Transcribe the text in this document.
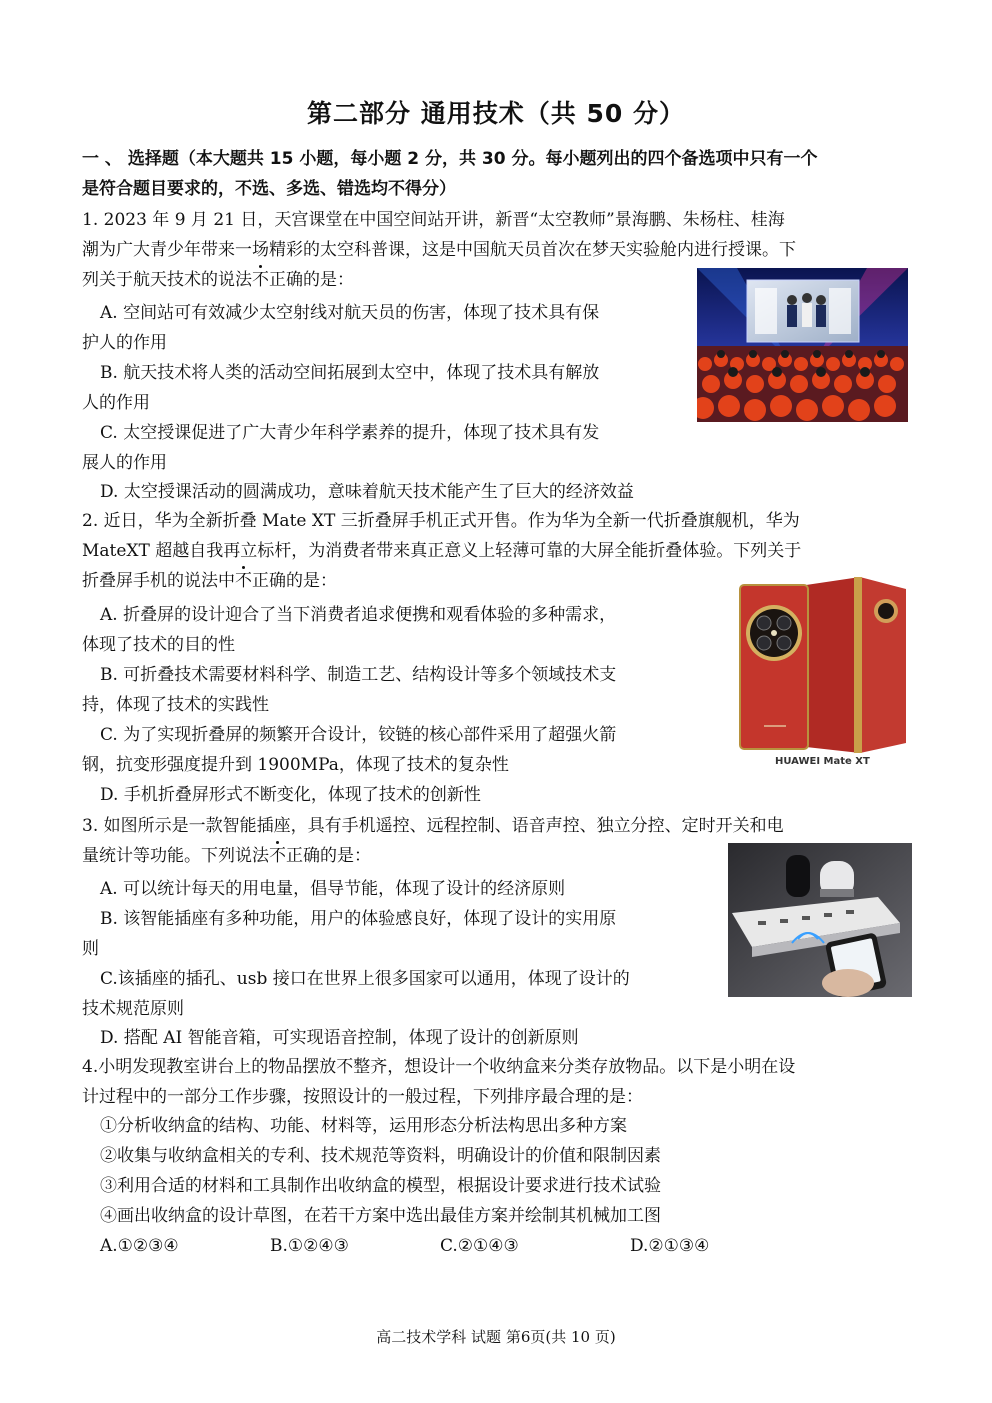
第二部分 通用技术（共 50 分）
一 、 选择题（本大题共 15 小题，每小题 2 分，共 30 分。每小题列出的四个备选项中只有一个
是符合题目要求的，不选、多选、错选均不得分）
1. 2023 年 9 月 21 日，天宫课堂在中国空间站开讲，新晋“太空教师”景海鹏、朱杨柱、桂海
潮为广大青少年带来一场精彩的太空科普课，这是中国航天员首次在梦天实验舱内进行授课。下
列关于航天技术的说法不正确的是：
A. 空间站可有效减少太空射线对航天员的伤害，体现了技术具有保
护人的作用
B. 航天技术将人类的活动空间拓展到太空中，体现了技术具有解放
人的作用
C. 太空授课促进了广大青少年科学素养的提升，体现了技术具有发
展人的作用
D. 太空授课活动的圆满成功，意味着航天技术能产生了巨大的经济效益
2. 近日，华为全新折叠 Mate XT 三折叠屏手机正式开售。作为华为全新一代折叠旗舰机，华为
MateXT 超越自我再立标杆，为消费者带来真正意义上轻薄可靠的大屏全能折叠体验。下列关于
折叠屏手机的说法中不正确的是：
A. 折叠屏的设计迎合了当下消费者追求便携和观看体验的多种需求，
体现了技术的目的性
B. 可折叠技术需要材料科学、制造工艺、结构设计等多个领域技术支
持，体现了技术的实践性
C. 为了实现折叠屏的频繁开合设计，铰链的核心部件采用了超强火箭
钢，抗变形强度提升到 1900MPa，体现了技术的复杂性
D. 手机折叠屏形式不断变化，体现了技术的创新性
HUAWEI Mate XT
3. 如图所示是一款智能插座，具有手机遥控、远程控制、语音声控、独立分控、定时开关和电
量统计等功能。下列说法不正确的是：
A. 可以统计每天的用电量，倡导节能，体现了设计的经济原则
B. 该智能插座有多种功能，用户的体验感良好，体现了设计的实用原
则
C.该插座的插孔、usb 接口在世界上很多国家可以通用，体现了设计的
技术规范原则
D. 搭配 AI 智能音箱，可实现语音控制，体现了设计的创新原则
4.小明发现教室讲台上的物品摆放不整齐，想设计一个收纳盒来分类存放物品。以下是小明在设
计过程中的一部分工作步骤，按照设计的一般过程，下列排序最合理的是：
①分析收纳盒的结构、功能、材料等，运用形态分析法构思出多种方案
②收集与收纳盒相关的专利、技术规范等资料，明确设计的价值和限制因素
③利用合适的材料和工具制作出收纳盒的模型，根据设计要求进行技术试验
④画出收纳盒的设计草图，在若干方案中选出最佳方案并绘制其机械加工图
A.①②③④	B.①②④③	C.②①④③	D.②①③④
高二技术学科 试题 第6页(共 10 页)
